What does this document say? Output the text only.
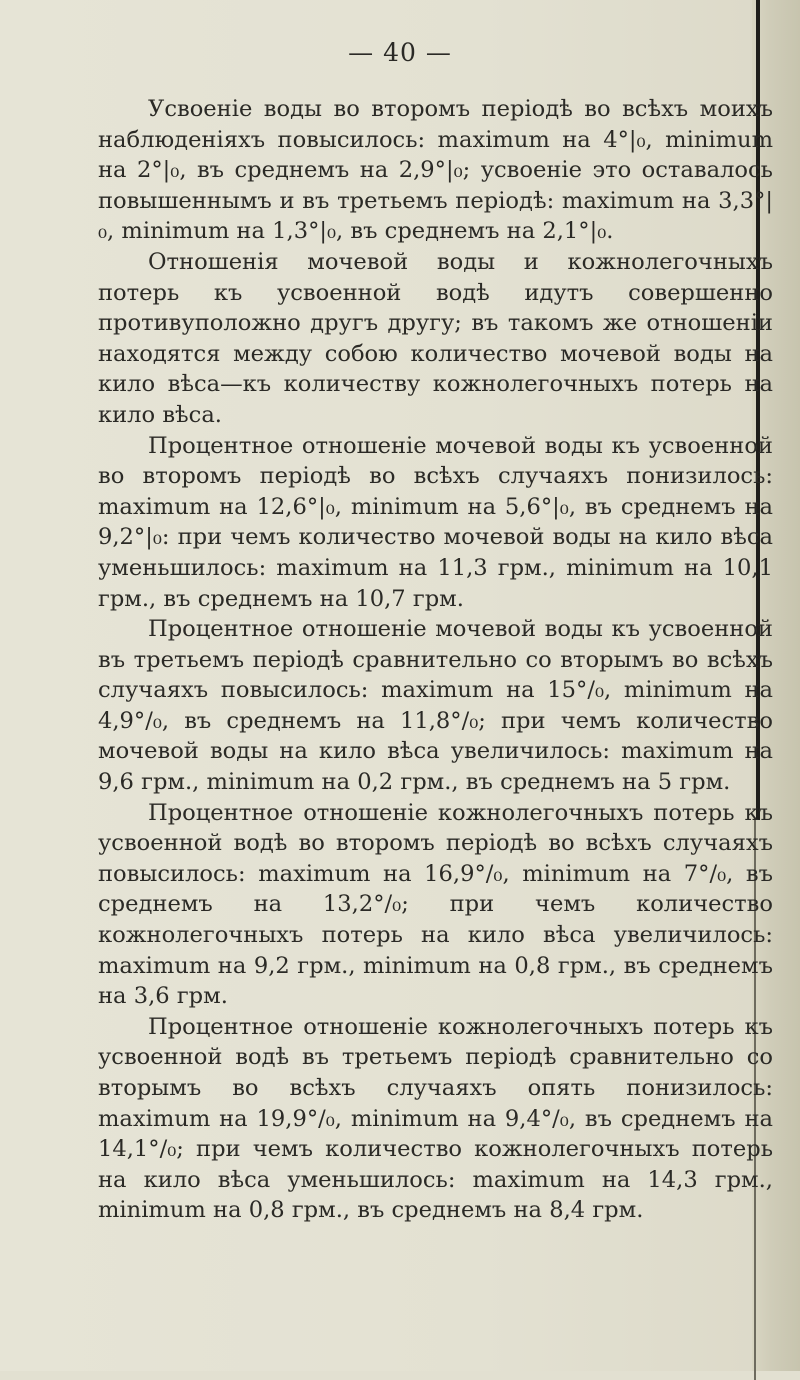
— 40 —

Усвоеніе воды во второмъ періодѣ во всѣхъ моихъ наблюденіяхъ повысилось: maximum на 4°|₀, minimum на 2°|₀, въ среднемъ на 2,9°|₀; усвоеніе это оставалось повышеннымъ и въ третьемъ періодѣ: maximum на 3,3°|₀, minimum на 1,3°|₀, въ среднемъ на 2,1°|₀.

Отношенія мочевой воды и кожнолегочныхъ потерь къ усвоенной водѣ идутъ совершенно противуположно другъ другу; въ такомъ же отношеніи находятся между собою количество мочевой воды на кило вѣса—къ количеству кожнолегочныхъ потерь на кило вѣса.

Процентное отношеніе мочевой воды къ усвоенной во второмъ періодѣ во всѣхъ случаяхъ понизилось: maximum на 12,6°|₀, minimum на 5,6°|₀, въ среднемъ на 9,2°|₀: при чемъ количество мочевой воды на кило вѣса уменьшилось: maximum на 11,3 грм., minimum на 10,1 грм., въ среднемъ на 10,7 грм.

Процентное отношеніе мочевой воды къ усвоенной въ третьемъ періодѣ сравнительно со вторымъ во всѣхъ случаяхъ повысилось: maximum на 15°/₀, minimum на 4,9°/₀, въ среднемъ на 11,8°/₀; при чемъ количество мочевой воды на кило вѣса увеличилось: maximum на 9,6 грм., minimum на 0,2 грм., въ среднемъ на 5 грм.

Процентное отношеніе кожнолегочныхъ потерь къ усвоенной водѣ во второмъ періодѣ во всѣхъ случаяхъ повысилось: maximum на 16,9°/₀, minimum на 7°/₀, въ среднемъ на 13,2°/₀; при чемъ количество кожнолегочныхъ потерь на кило вѣса увеличилось: maximum на 9,2 грм., minimum на 0,8 грм., въ среднемъ на 3,6 грм.

Процентное отношеніе кожнолегочныхъ потерь къ усвоенной водѣ въ третьемъ періодѣ сравнительно со вторымъ во всѣхъ случаяхъ опять понизилось: maximum на 19,9°/₀, minimum на 9,4°/₀, въ среднемъ на 14,1°/₀; при чемъ количество кожнолегочныхъ потерь на кило вѣса уменьшилось: maximum на 14,3 грм., minimum на 0,8 грм., въ среднемъ на 8,4 грм.
